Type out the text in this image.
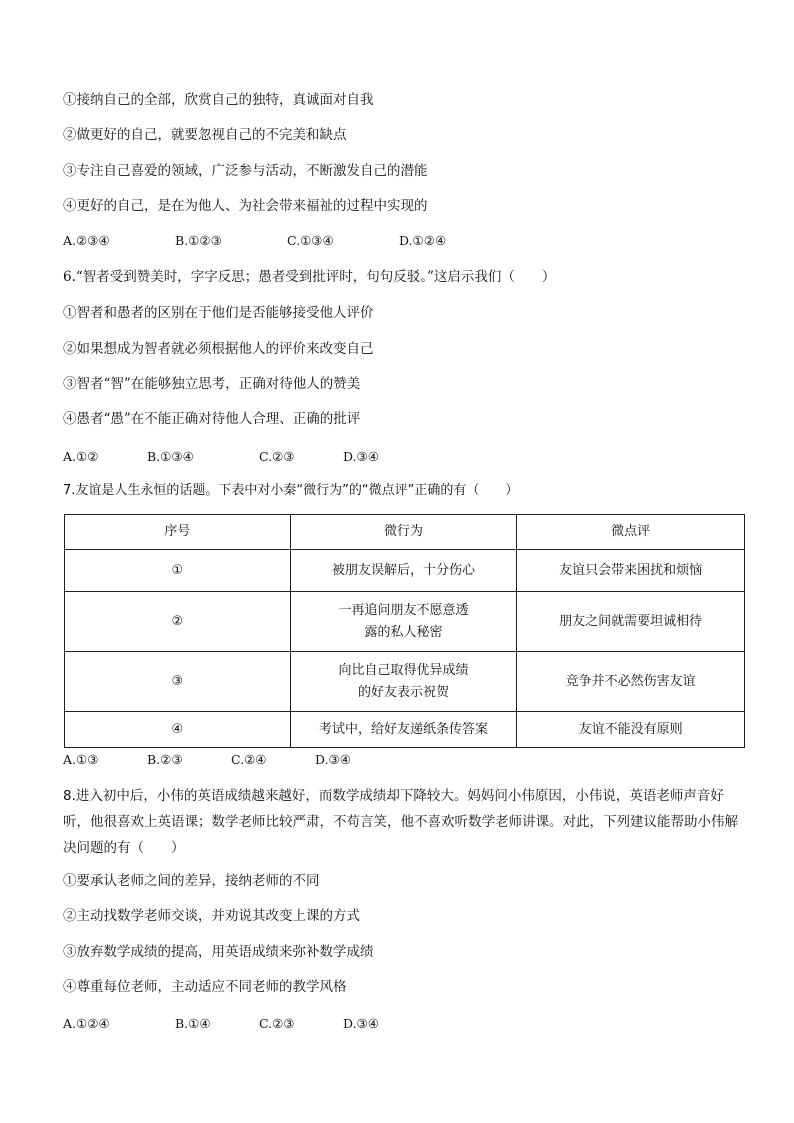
①接纳自己的全部，欣赏自己的独特，真诚面对自我
②做更好的自己，就要忽视自己的不完美和缺点
③专注自己喜爱的领域，广泛参与活动，不断激发自己的潜能
④更好的自己，是在为他人、为社会带来福祉的过程中实现的
A.②③④	B.①②③	C.①③④	D.①②④
6.“智者受到赞美时，字字反思；愚者受到批评时，句句反驳。”这启示我们（　　）
①智者和愚者的区别在于他们是否能够接受他人评价
②如果想成为智者就必须根据他人的评价来改变自己
③智者“智”在能够独立思考，正确对待他人的赞美
④愚者“愚”在不能正确对待他人合理、正确的批评
A.①②	B.①③④	C.②③	D.③④
7.友谊是人生永恒的话题。下表中对小秦“微行为”的“微点评”正确的有（　　）
序号	微行为	微点评
①	被朋友误解后，十分伤心	友谊只会带来困扰和烦恼
②	一再追问朋友不愿意透露的私人秘密	朋友之间就需要坦诚相待
③	向比自己取得优异成绩的好友表示祝贺	竞争并不必然伤害友谊
④	考试中，给好友递纸条传答案	友谊不能没有原则
A.①③	B.②③	C.②④	D.③④
8.进入初中后，小伟的英语成绩越来越好，而数学成绩却下降较大。妈妈问小伟原因，小伟说，英语老师声音好听，他很喜欢上英语课；数学老师比较严肃，不苟言笑，他不喜欢听数学老师讲课。对此，下列建议能帮助小伟解决问题的有（　　）
①要承认老师之间的差异，接纳老师的不同
②主动找数学老师交谈，并劝说其改变上课的方式
③放弃数学成绩的提高，用英语成绩来弥补数学成绩
④尊重每位老师，主动适应不同老师的教学风格
A.①②④	B.①④	C.②③	D.③④
